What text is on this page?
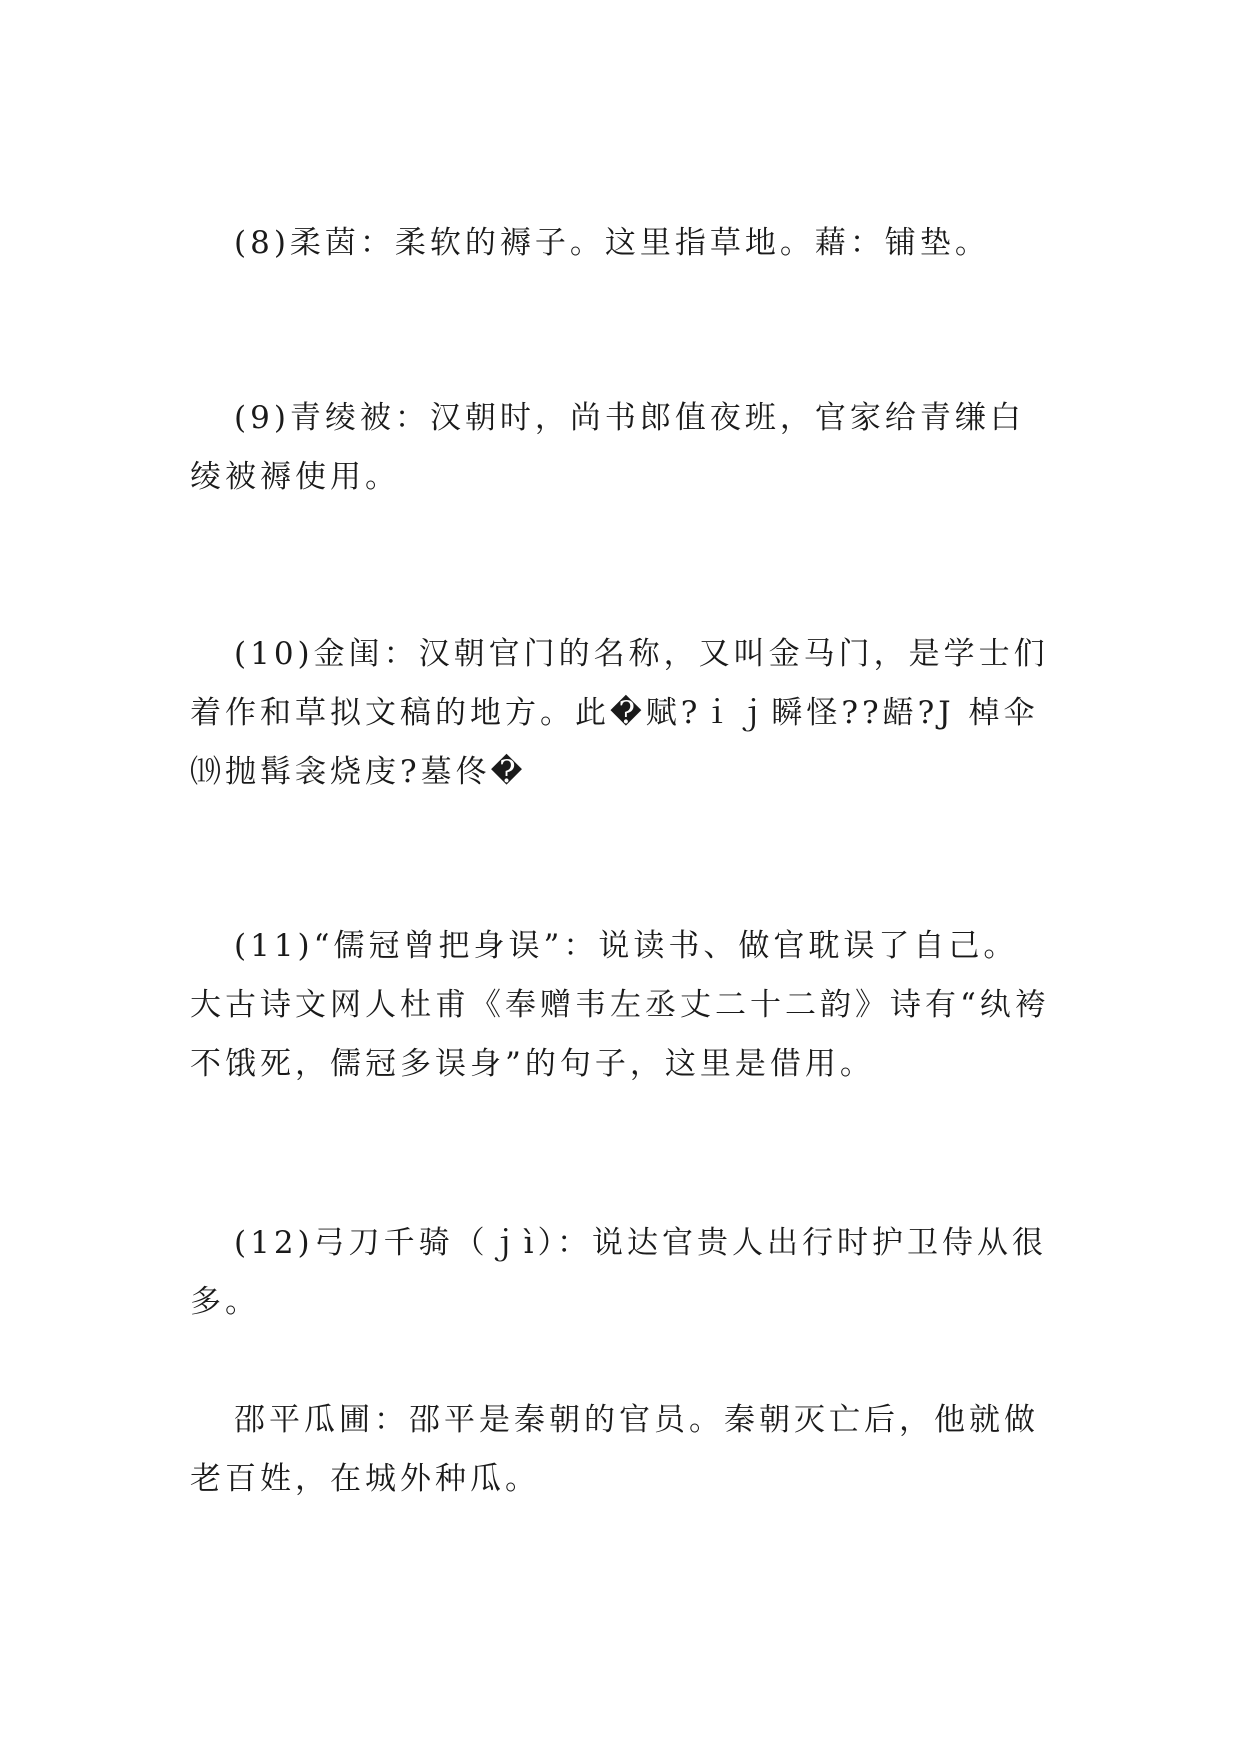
(8)柔茵：柔软的褥子。这里指草地。藉：铺垫。

(9)青绫被：汉朝时，尚书郎值夜班，官家给青缣白绫被褥使用。

(10)金闺：汉朝官门的名称，又叫金马门，是学士们着作和草拟文稿的地方。此�赋?ｉｊ瞬怪??龉?J 棹伞⒆抛髯衾烧庋?墓佟�

(11)“儒冠曾把身误”：说读书、做官耽误了自己。大古诗文网人杜甫《奉赠韦左丞丈二十二韵》诗有“纨袴不饿死，儒冠多误身”的句子，这里是借用。

(12)弓刀千骑（ｊì）：说达官贵人出行时护卫侍从很多。

邵平瓜圃：邵平是秦朝的官员。秦朝灭亡后，他就做老百姓，在城外种瓜。
